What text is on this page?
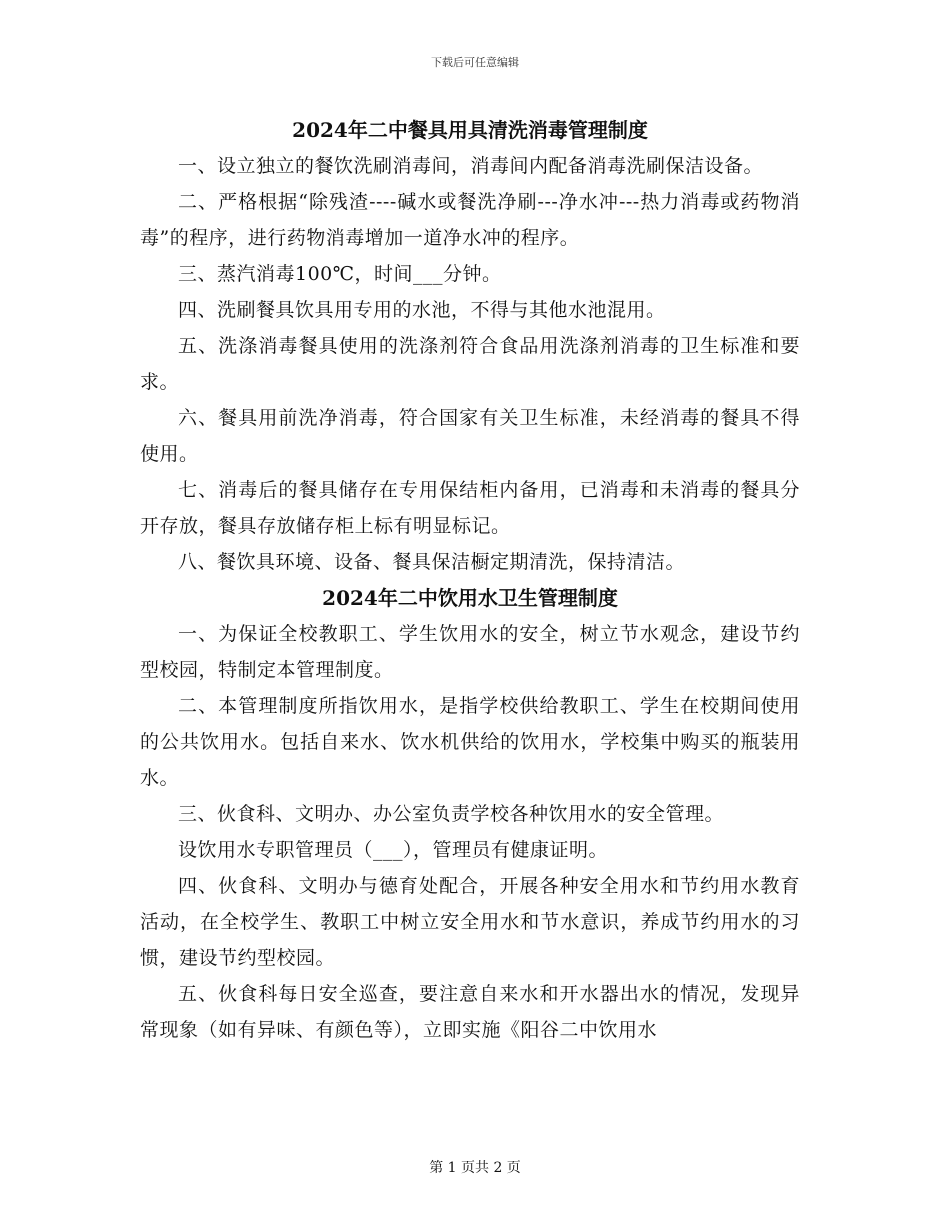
下载后可任意编辑
2024年二中餐具用具清洗消毒管理制度

一、设立独立的餐饮洗刷消毒间，消毒间内配备消毒洗刷保洁设备。

二、严格根据“除残渣----碱水或餐洗净刷---净水冲---热力消毒或药物消毒”的程序，进行药物消毒增加一道净水冲的程序。

三、蒸汽消毒100℃，时间___分钟。

四、洗刷餐具饮具用专用的水池，不得与其他水池混用。

五、洗涤消毒餐具使用的洗涤剂符合食品用洗涤剂消毒的卫生标准和要求。

六、餐具用前洗净消毒，符合国家有关卫生标准，未经消毒的餐具不得使用。

七、消毒后的餐具储存在专用保结柜内备用，已消毒和未消毒的餐具分开存放，餐具存放储存柜上标有明显标记。

八、餐饮具环境、设备、餐具保洁橱定期清洗，保持清洁。

2024年二中饮用水卫生管理制度

一、为保证全校教职工、学生饮用水的安全，树立节水观念，建设节约型校园，特制定本管理制度。

二、本管理制度所指饮用水，是指学校供给教职工、学生在校期间使用的公共饮用水。包括自来水、饮水机供给的饮用水，学校集中购买的瓶装用水。

三、伙食科、文明办、办公室负责学校各种饮用水的安全管理。

设饮用水专职管理员（___），管理员有健康证明。

四、伙食科、文明办与德育处配合，开展各种安全用水和节约用水教育活动，在全校学生、教职工中树立安全用水和节水意识，养成节约用水的习惯，建设节约型校园。

五、伙食科每日安全巡查，要注意自来水和开水器出水的情况，发现异常现象（如有异味、有颜色等），立即实施《阳谷二中饮用水

第 1 页共 2 页
